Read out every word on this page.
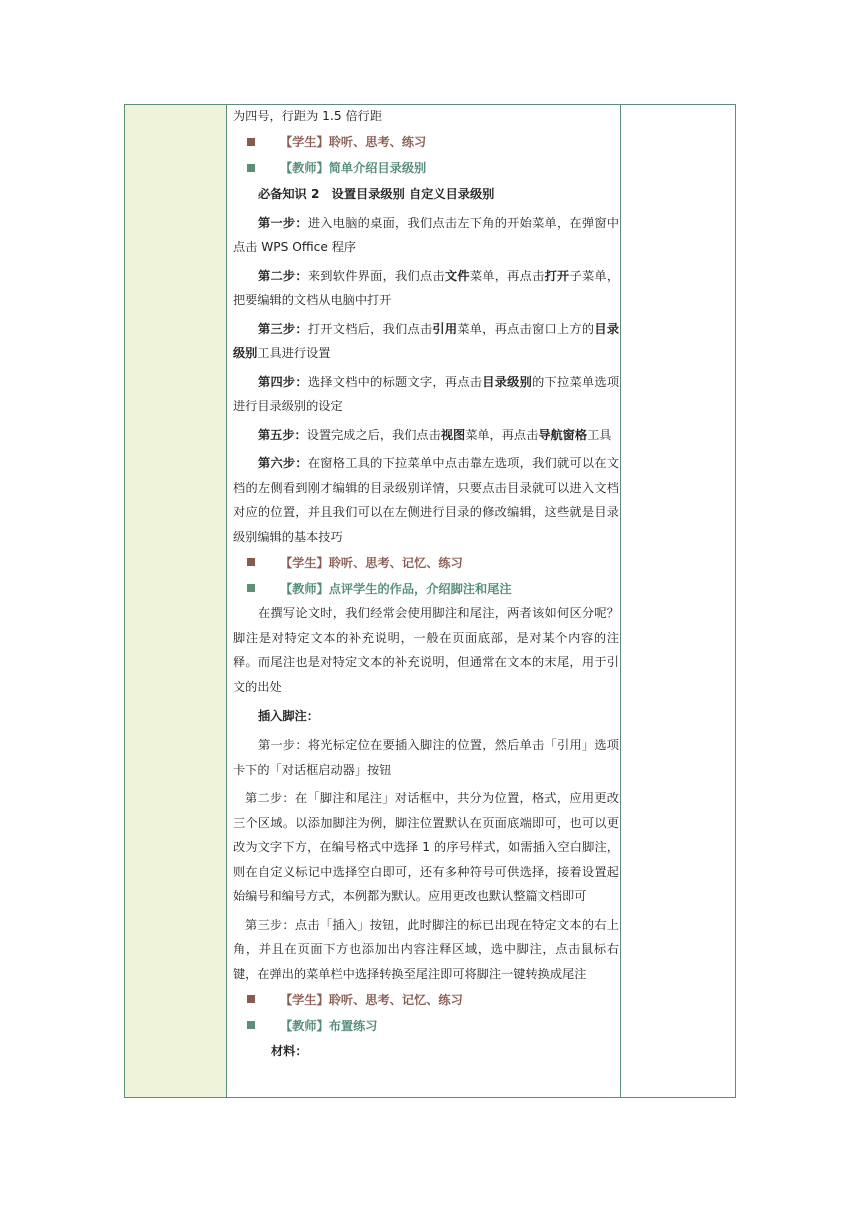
为四号，行距为 1.5 倍行距

【学生】聆听、思考、练习
【教师】简单介绍目录级别
必备知识 2　设置目录级别 自定义目录级别

第一步：进入电脑的桌面，我们点击左下角的开始菜单，在弹窗中点击 WPS Office 程序

第二步：来到软件界面，我们点击文件菜单，再点击打开子菜单，把要编辑的文档从电脑中打开

第三步：打开文档后，我们点击引用菜单，再点击窗口上方的目录级别工具进行设置

第四步：选择文档中的标题文字，再点击目录级别的下拉菜单选项进行目录级别的设定

第五步：设置完成之后，我们点击视图菜单，再点击导航窗格工具

第六步：在窗格工具的下拉菜单中点击靠左选项，我们就可以在文档的左侧看到刚才编辑的目录级别详情，只要点击目录就可以进入文档对应的位置，并且我们可以在左侧进行目录的修改编辑，这些就是目录级别编辑的基本技巧

【学生】聆听、思考、记忆、练习
【教师】点评学生的作品，介绍脚注和尾注

在撰写论文时，我们经常会使用脚注和尾注，两者该如何区分呢？脚注是对特定文本的补充说明，一般在页面底部，是对某个内容的注释。而尾注也是对特定文本的补充说明，但通常在文本的末尾，用于引文的出处

插入脚注：

第一步：将光标定位在要插入脚注的位置，然后单击「引用」选项卡下的「对话框启动器」按钮

第二步：在「脚注和尾注」对话框中，共分为位置，格式，应用更改三个区域。以添加脚注为例，脚注位置默认在页面底端即可，也可以更改为文字下方，在编号格式中选择 1 的序号样式，如需插入空白脚注，则在自定义标记中选择空白即可，还有多种符号可供选择，接着设置起始编号和编号方式，本例都为默认。应用更改也默认整篇文档即可

第三步：点击「插入」按钮，此时脚注的标已出现在特定文本的右上角，并且在页面下方也添加出内容注释区域，选中脚注，点击鼠标右键，在弹出的菜单栏中选择转换至尾注即可将脚注一键转换成尾注

【学生】聆听、思考、记忆、练习
【教师】布置练习
材料：
